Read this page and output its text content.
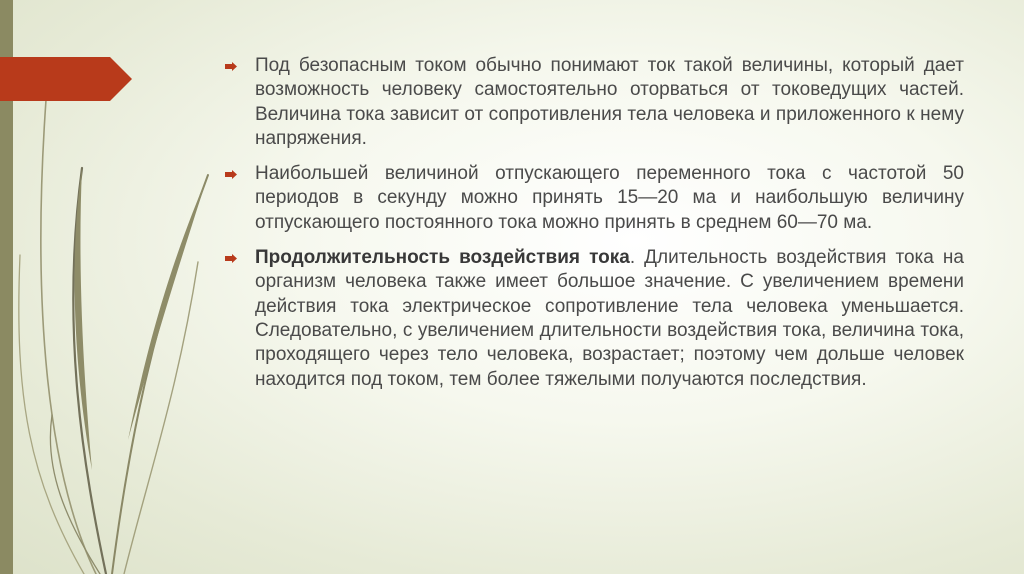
Под безопасным током обычно понимают ток такой величины, который дает возможность человеку самостоятельно оторваться от токоведущих частей. Величина тока зависит от сопротивления тела человека и приложенного к нему напряжения.

Наибольшей величиной отпускающего переменного тока с частотой 50 периодов в секунду можно принять 15—20 ма и наибольшую величину отпускающего постоянного тока можно принять в среднем 60—70 ма.

Продолжительность воздействия тока. Длительность воздействия тока на организм человека также имеет большое значение. С увеличением времени действия тока электрическое сопротивление тела человека уменьшается. Следовательно, с увеличением длительности воздействия тока, величина тока, проходящего через тело человека, возрастает; поэтому чем дольше человек находится под током, тем более тяжелыми получаются последствия.
